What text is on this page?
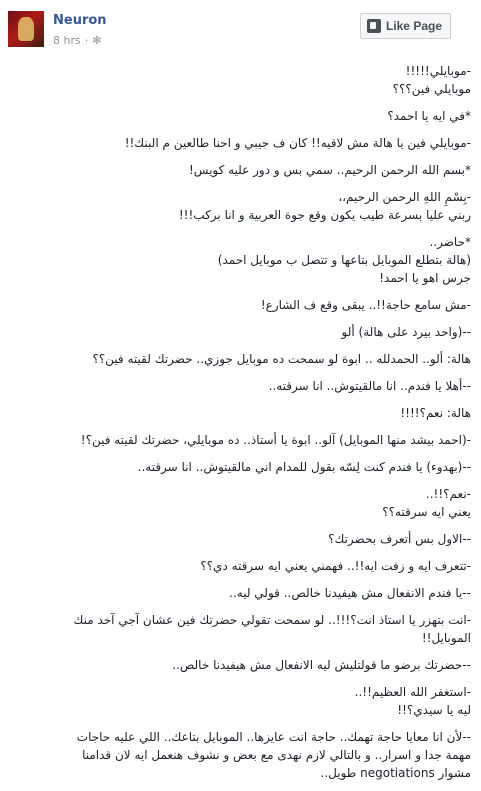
Neuron
8 hrs · ✻
Like Page
-موبايلي!!!!!
موبايلي فين؟؟؟
*في ايه يا احمد؟
-موبايلي فين يا هالة مش لاقيه!! كان ف جيبي و احنا طالعين م البنك!!
*بسم الله الرحمن الرحيم.. سمي بس و دور عليه كويس!
-بِسْمِ اللهِ الرحمن الرحيم،،
ربني عليا بسرعة طيب يكون وقع جوة العربية و انا بركب!!!
*حاضر..
(هالة بتطلع الموبايل بتاعها و تتصل ب موبايل احمد)
جرس اهو يا احمد!
-مش سامع حاجة!!.. يبقى وقع ف الشارع!
--(واحد بيرد على هالة) ألو
هالة: ألو.. الحمدلله .. ابوة لو سمحت ده موبايل جوزي.. حضرتك لقيته فين؟؟
--أهلا يا فندم.. انا مالقيتوش.. انا سرقته..
هالة: نعم؟!!!!
-(احمد بيشد منها الموبايل) آلو.. ابوة يا أستاذ.. ده موبايلي، حضرتك لقيته فين؟!
--(بهدوء) يا فندم كنت لِسّه بقول للمدام اني مالقيتوش.. انا سرقته..
-نعم؟!!..
يعني ايه سرقته؟؟
--الاول بس أتعرف بحضرتك؟
-تتعرف ايه و زفت ايه!!.. فهمني يعني ايه سرقته دي؟؟
--يا فندم الانفعال مش هيفيدنا خالص.. قولي ليه..
-انت بتهزر يا استاذ انت؟!!!.. لو سمحت تقولي حضرتك فين عشان آجي آخد منك
الموبايل!!
--حضرتك برضو ما قولتليش ليه الانفعال مش هيفيدنا خالص..
-استغفر الله العظيم!!..
ليه يا سيدي؟!!
--لأن انا معايا حاجة تهمك.. حاجة انت عايزها.. الموبايل بتاعك.. اللي عليه حاجات
مهمة جدا و اسرار.. و بالتالي لازم نهدى مع بعض و نشوف هنعمل ايه لان قدامنا
مشوار negotiations طويل..
